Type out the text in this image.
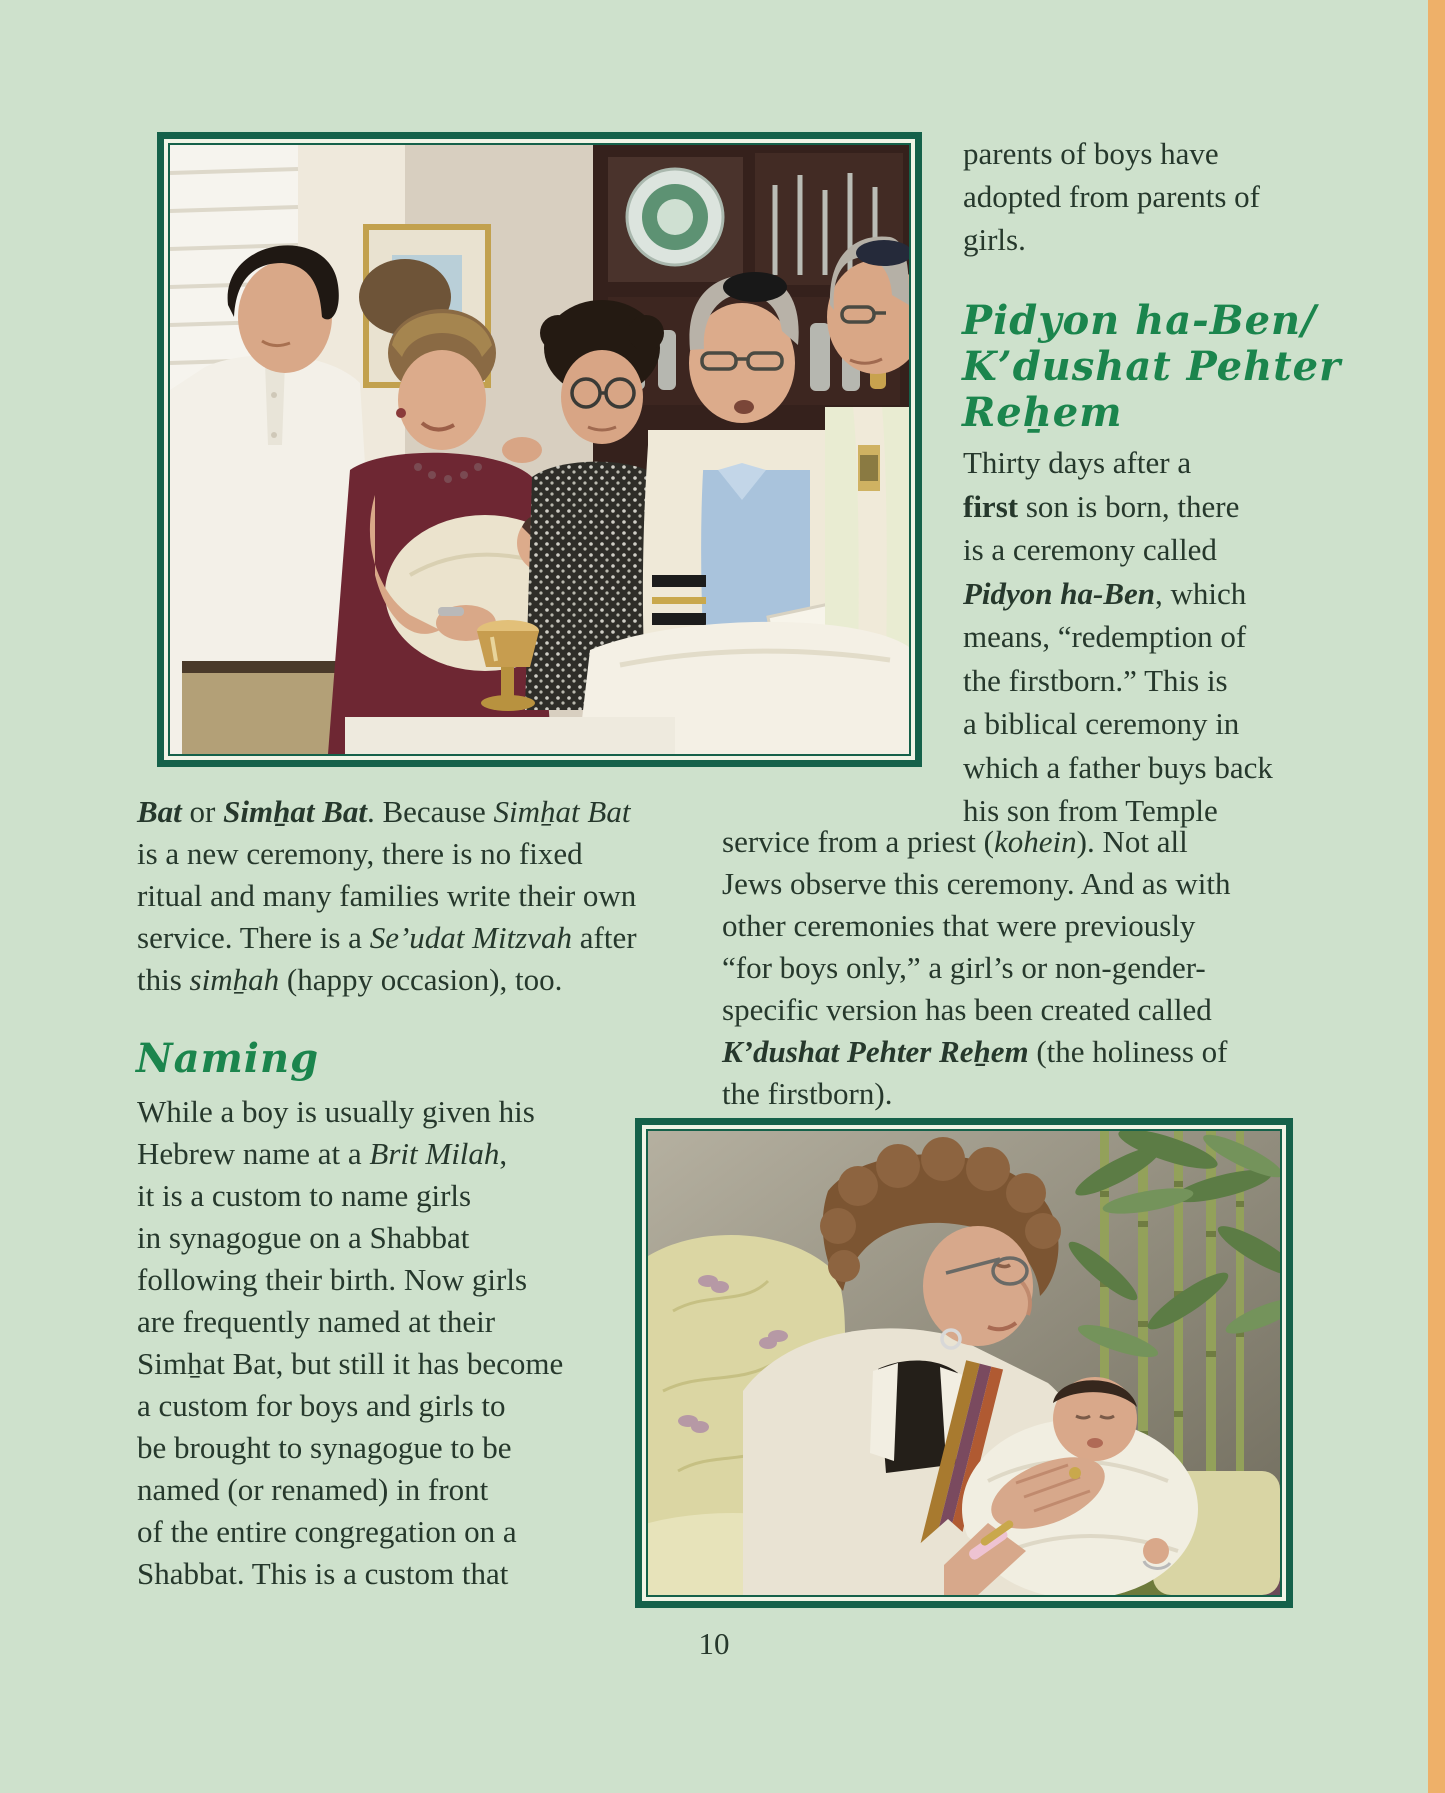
parents of boys have
adopted from parents of
girls.
Pidyon ha-Ben/
K’dushat Pehter
Reẖem
Thirty days after a
first son is born, there
is a ceremony called
Pidyon ha-Ben, which
means, “redemption of
the firstborn.” This is
a biblical ceremony in
which a father buys back
his son from Temple
service from a priest (kohein). Not all
Jews observe this ceremony. And as with
other ceremonies that were previously
“for boys only,” a girl’s or non-gender-
specific version has been created called
K’dushat Pehter Reẖem (the holiness of
the firstborn).
Bat or Simẖat Bat. Because Simẖat Bat
is a new ceremony, there is no fixed
ritual and many families write their own
service. There is a Se’udat Mitzvah after
this simẖah (happy occasion), too.
Naming
While a boy is usually given his
Hebrew name at a Brit Milah,
it is a custom to name girls
in synagogue on a Shabbat
following their birth. Now girls
are frequently named at their
Simẖat Bat, but still it has become
a custom for boys and girls to
be brought to synagogue to be
named (or renamed) in front
of the entire congregation on a
Shabbat. This is a custom that
10
